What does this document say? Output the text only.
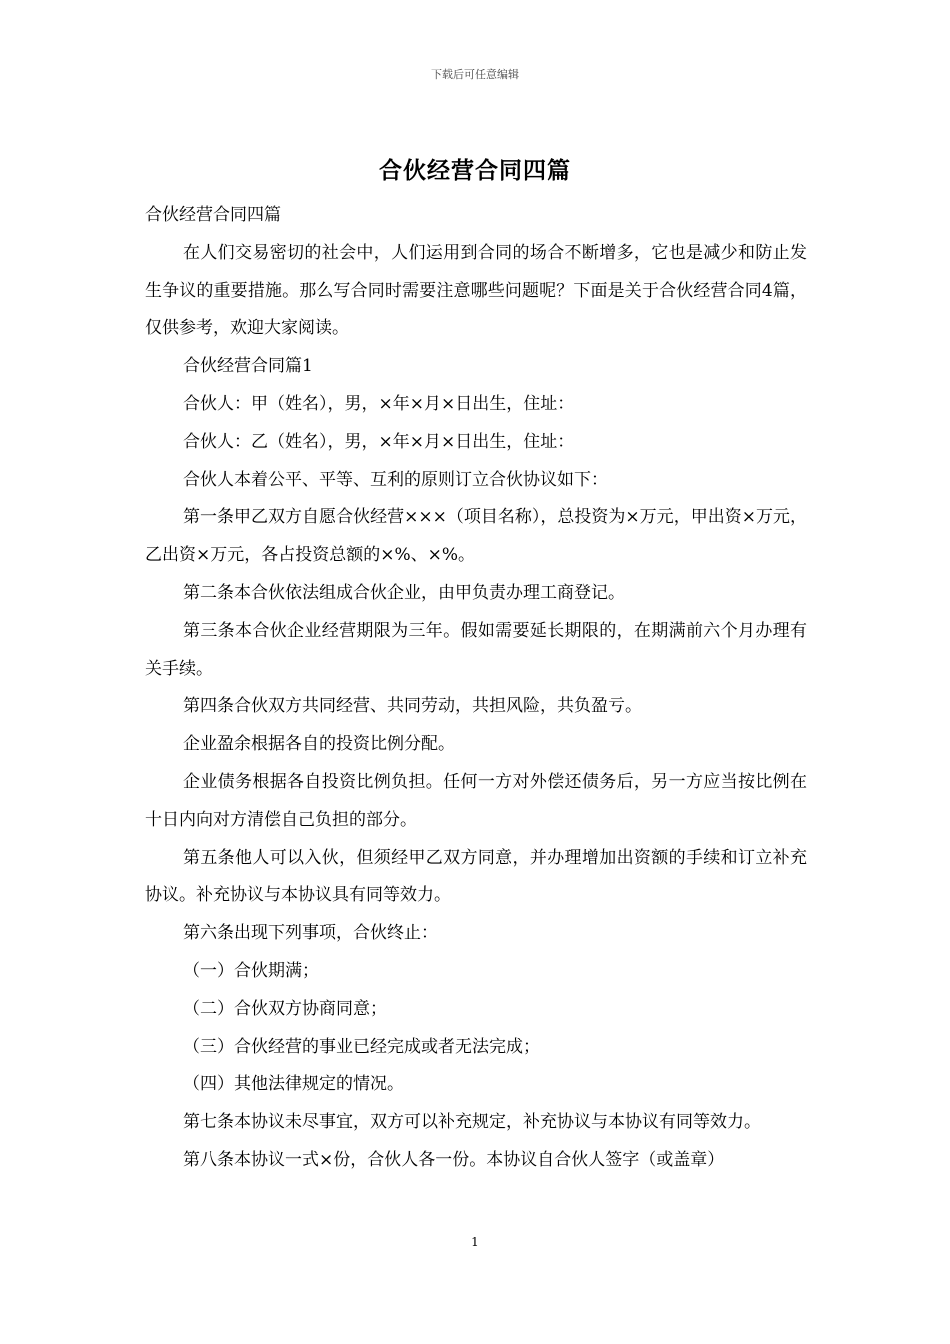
下载后可任意编辑
合伙经营合同四篇

合伙经营合同四篇

在人们交易密切的社会中，人们运用到合同的场合不断增多，它也是减少和防止发生争议的重要措施。那么写合同时需要注意哪些问题呢？下面是关于合伙经营合同4篇，仅供参考，欢迎大家阅读。

合伙经营合同篇1

合伙人：甲（姓名），男，×年×月×日出生，住址：

合伙人：乙（姓名），男，×年×月×日出生，住址：

合伙人本着公平、平等、互利的原则订立合伙协议如下：

第一条甲乙双方自愿合伙经营×××（项目名称），总投资为×万元，甲出资×万元，乙出资×万元，各占投资总额的×%、×%。

第二条本合伙依法组成合伙企业，由甲负责办理工商登记。

第三条本合伙企业经营期限为三年。假如需要延长期限的，在期满前六个月办理有关手续。

第四条合伙双方共同经营、共同劳动，共担风险，共负盈亏。

企业盈余根据各自的投资比例分配。

企业债务根据各自投资比例负担。任何一方对外偿还债务后，另一方应当按比例在十日内向对方清偿自己负担的部分。

第五条他人可以入伙，但须经甲乙双方同意，并办理增加出资额的手续和订立补充协议。补充协议与本协议具有同等效力。

第六条出现下列事项，合伙终止：

（一）合伙期满；

（二）合伙双方协商同意；

（三）合伙经营的事业已经完成或者无法完成；

（四）其他法律规定的情况。

第七条本协议未尽事宜，双方可以补充规定，补充协议与本协议有同等效力。

第八条本协议一式×份，合伙人各一份。本协议自合伙人签字（或盖章）

1
